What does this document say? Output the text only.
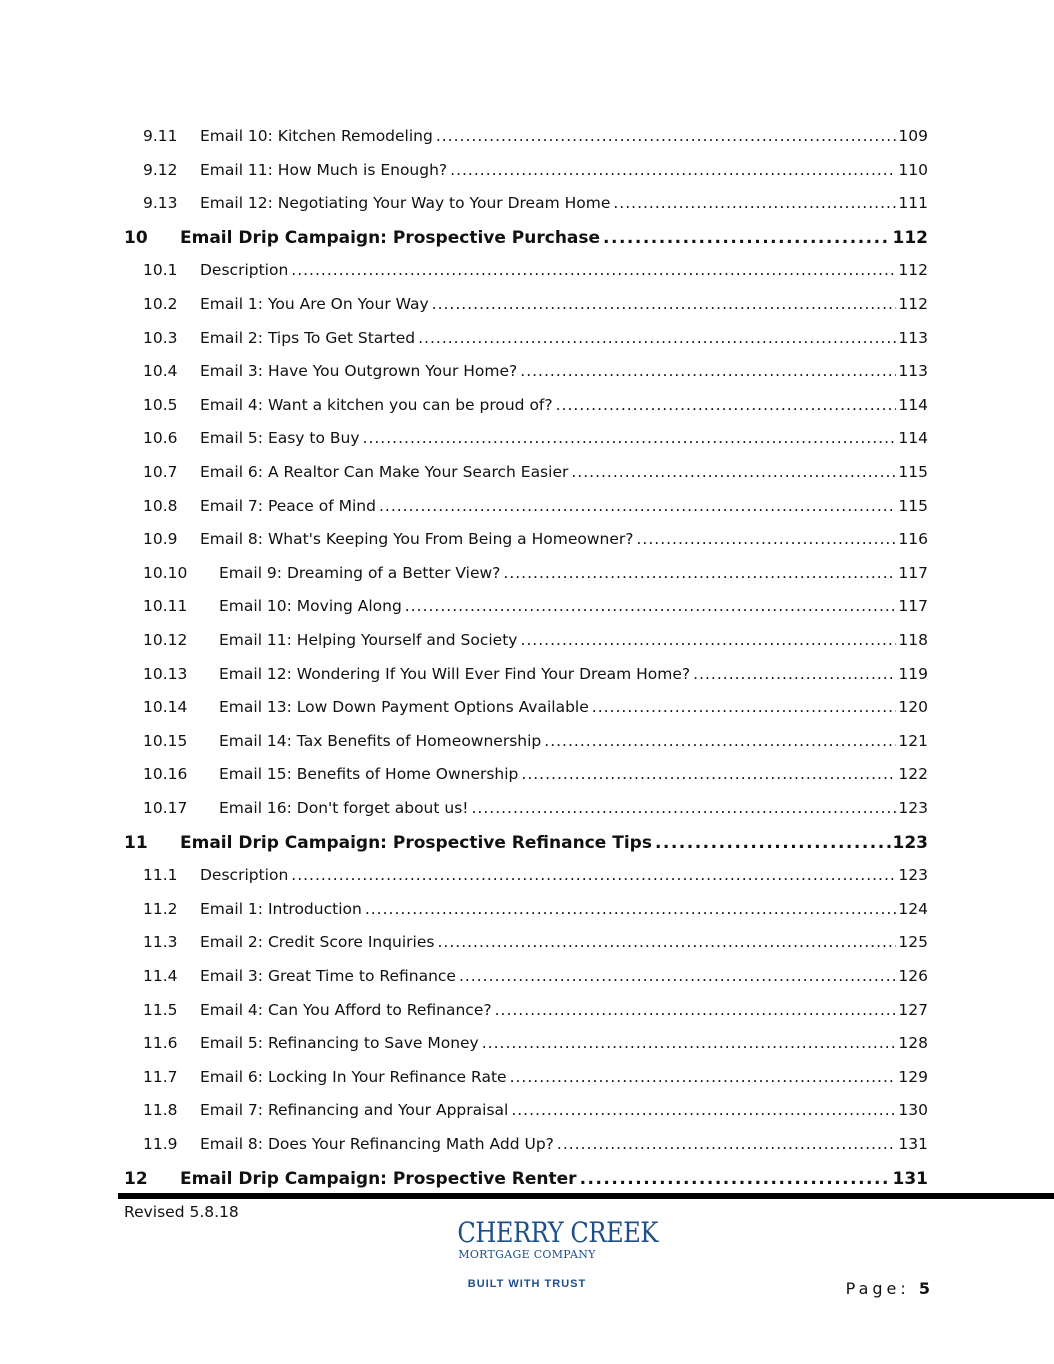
9.11 Email 10: Kitchen Remodeling .....	109
9.12 Email 11: How Much is Enough? .....	110
9.13 Email 12: Negotiating Your Way to Your Dream Home .....	111
10 Email Drip Campaign: Prospective Purchase .....	112
10.1 Description .....	112
10.2 Email 1: You Are On Your Way .....	112
10.3 Email 2: Tips To Get Started .....	113
10.4 Email 3: Have You Outgrown Your Home? .....	113
10.5 Email 4: Want a kitchen you can be proud of? .....	114
10.6 Email 5: Easy to Buy .....	114
10.7 Email 6: A Realtor Can Make Your Search Easier .....	115
10.8 Email 7: Peace of Mind .....	115
10.9 Email 8: What's Keeping You From Being a Homeowner? .....	116
10.10 Email 9: Dreaming of a Better View? .....	117
10.11 Email 10: Moving Along .....	117
10.12 Email 11: Helping Yourself and Society .....	118
10.13 Email 12: Wondering If You Will Ever Find Your Dream Home? .....	119
10.14 Email 13: Low Down Payment Options Available .....	120
10.15 Email 14: Tax Benefits of Homeownership .....	121
10.16 Email 15: Benefits of Home Ownership .....	122
10.17 Email 16: Don't forget about us! .....	123
11 Email Drip Campaign: Prospective Refinance Tips .....	123
11.1 Description .....	123
11.2 Email 1: Introduction .....	124
11.3 Email 2: Credit Score Inquiries .....	125
11.4 Email 3: Great Time to Refinance .....	126
11.5 Email 4: Can You Afford to Refinance? .....	127
11.6 Email 5: Refinancing to Save Money .....	128
11.7 Email 6: Locking In Your Refinance Rate .....	129
11.8 Email 7: Refinancing and Your Appraisal .....	130
11.9 Email 8: Does Your Refinancing Math Add Up? .....	131
12 Email Drip Campaign: Prospective Renter .....	131
Revised 5.8.18
CHERRY CREEK
MORTGAGE COMPANY
BUILT WITH TRUST	Page: 5
